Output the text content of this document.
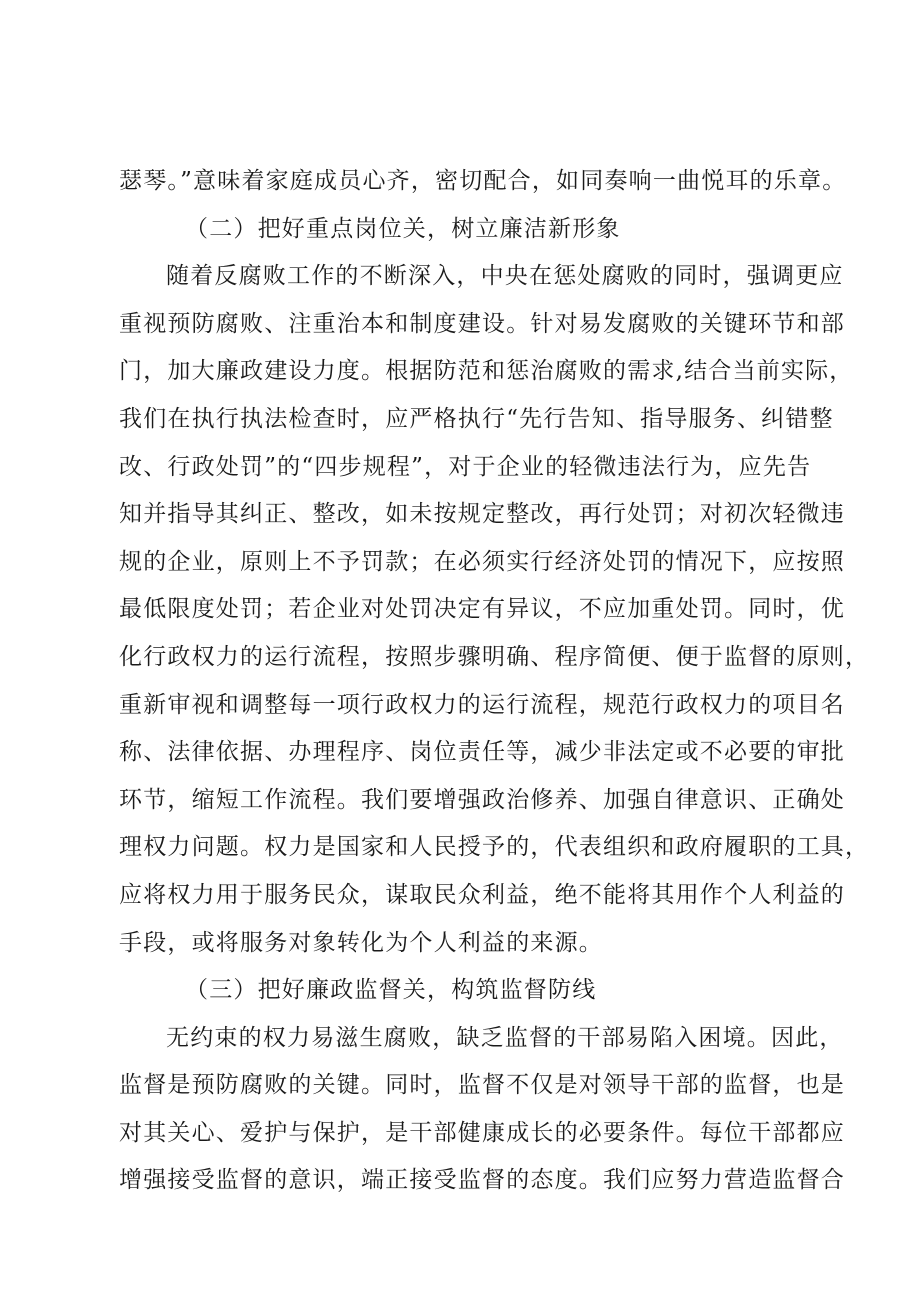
瑟琴。”意味着家庭成员心齐，密切配合，如同奏响一曲悦耳的乐章。
（二）把好重点岗位关，树立廉洁新形象
随着反腐败工作的不断深入，中央在惩处腐败的同时，强调更应
重视预防腐败、注重治本和制度建设。针对易发腐败的关键环节和部
门，加大廉政建设力度。根据防范和惩治腐败的需求,结合当前实际，
我们在执行执法检查时，应严格执行“先行告知、指导服务、纠错整
改、行政处罚”的“四步规程”，对于企业的轻微违法行为，应先告
知并指导其纠正、整改，如未按规定整改，再行处罚；对初次轻微违
规的企业，原则上不予罚款；在必须实行经济处罚的情况下，应按照
最低限度处罚；若企业对处罚决定有异议，不应加重处罚。同时，优
化行政权力的运行流程，按照步骤明确、程序简便、便于监督的原则，
重新审视和调整每一项行政权力的运行流程，规范行政权力的项目名
称、法律依据、办理程序、岗位责任等，减少非法定或不必要的审批
环节，缩短工作流程。我们要增强政治修养、加强自律意识、正确处
理权力问题。权力是国家和人民授予的，代表组织和政府履职的工具，
应将权力用于服务民众，谋取民众利益，绝不能将其用作个人利益的
手段，或将服务对象转化为个人利益的来源。
（三）把好廉政监督关，构筑监督防线
无约束的权力易滋生腐败，缺乏监督的干部易陷入困境。因此，
监督是预防腐败的关键。同时，监督不仅是对领导干部的监督，也是
对其关心、爱护与保护，是干部健康成长的必要条件。每位干部都应
增强接受监督的意识，端正接受监督的态度。我们应努力营造监督合
